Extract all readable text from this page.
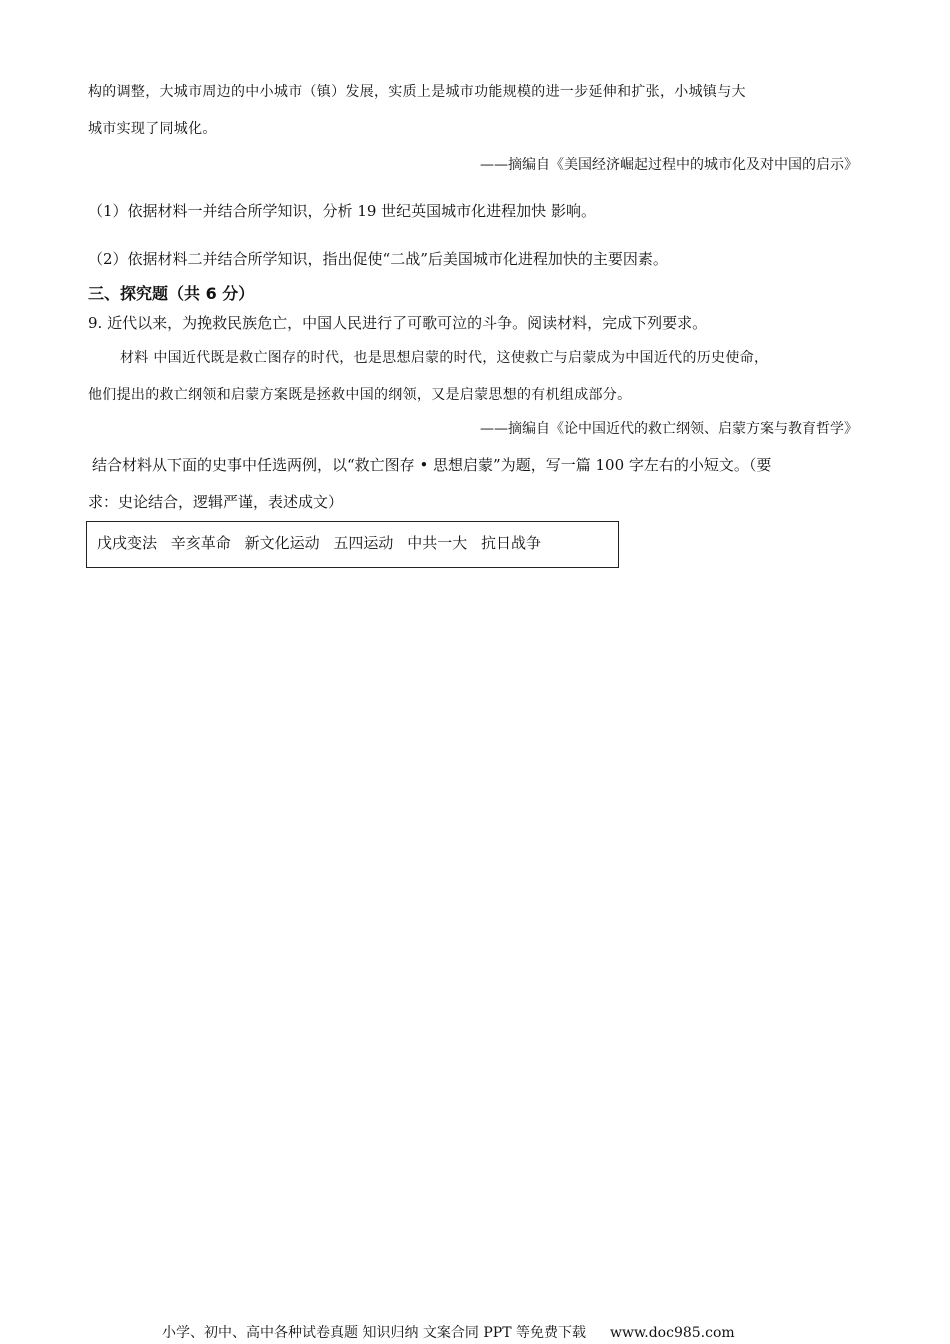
构的调整，大城市周边的中小城市（镇）发展，实质上是城市功能规模的进一步延伸和扩张，小城镇与大
城市实现了同城化。
——摘编自《美国经济崛起过程中的城市化及对中国的启示》
（1）依据材料一并结合所学知识，分析 19 世纪英国城市化进程加快 影响。
（2）依据材料二并结合所学知识，指出促使“二战”后美国城市化进程加快的主要因素。
三、探究题（共 6 分）
9. 近代以来，为挽救民族危亡，中国人民进行了可歌可泣的斗争。阅读材料，完成下列要求。
材料 中国近代既是救亡图存的时代，也是思想启蒙的时代，这使救亡与启蒙成为中国近代的历史使命，
他们提出的救亡纲领和启蒙方案既是拯救中国的纲领，又是启蒙思想的有机组成部分。
——摘编自《论中国近代的救亡纲领、启蒙方案与教育哲学》
结合材料从下面的史事中任选两例，以“救亡图存 • 思想启蒙”为题，写一篇 100 字左右的小短文。（要
求：史论结合，逻辑严谨，表述成文）
戊戌变法 辛亥革命 新文化运动 五四运动 中共一大 抗日战争
小学、初中、高中各种试卷真题 知识归纳 文案合同 PPT 等免费下载 www.doc985.com
